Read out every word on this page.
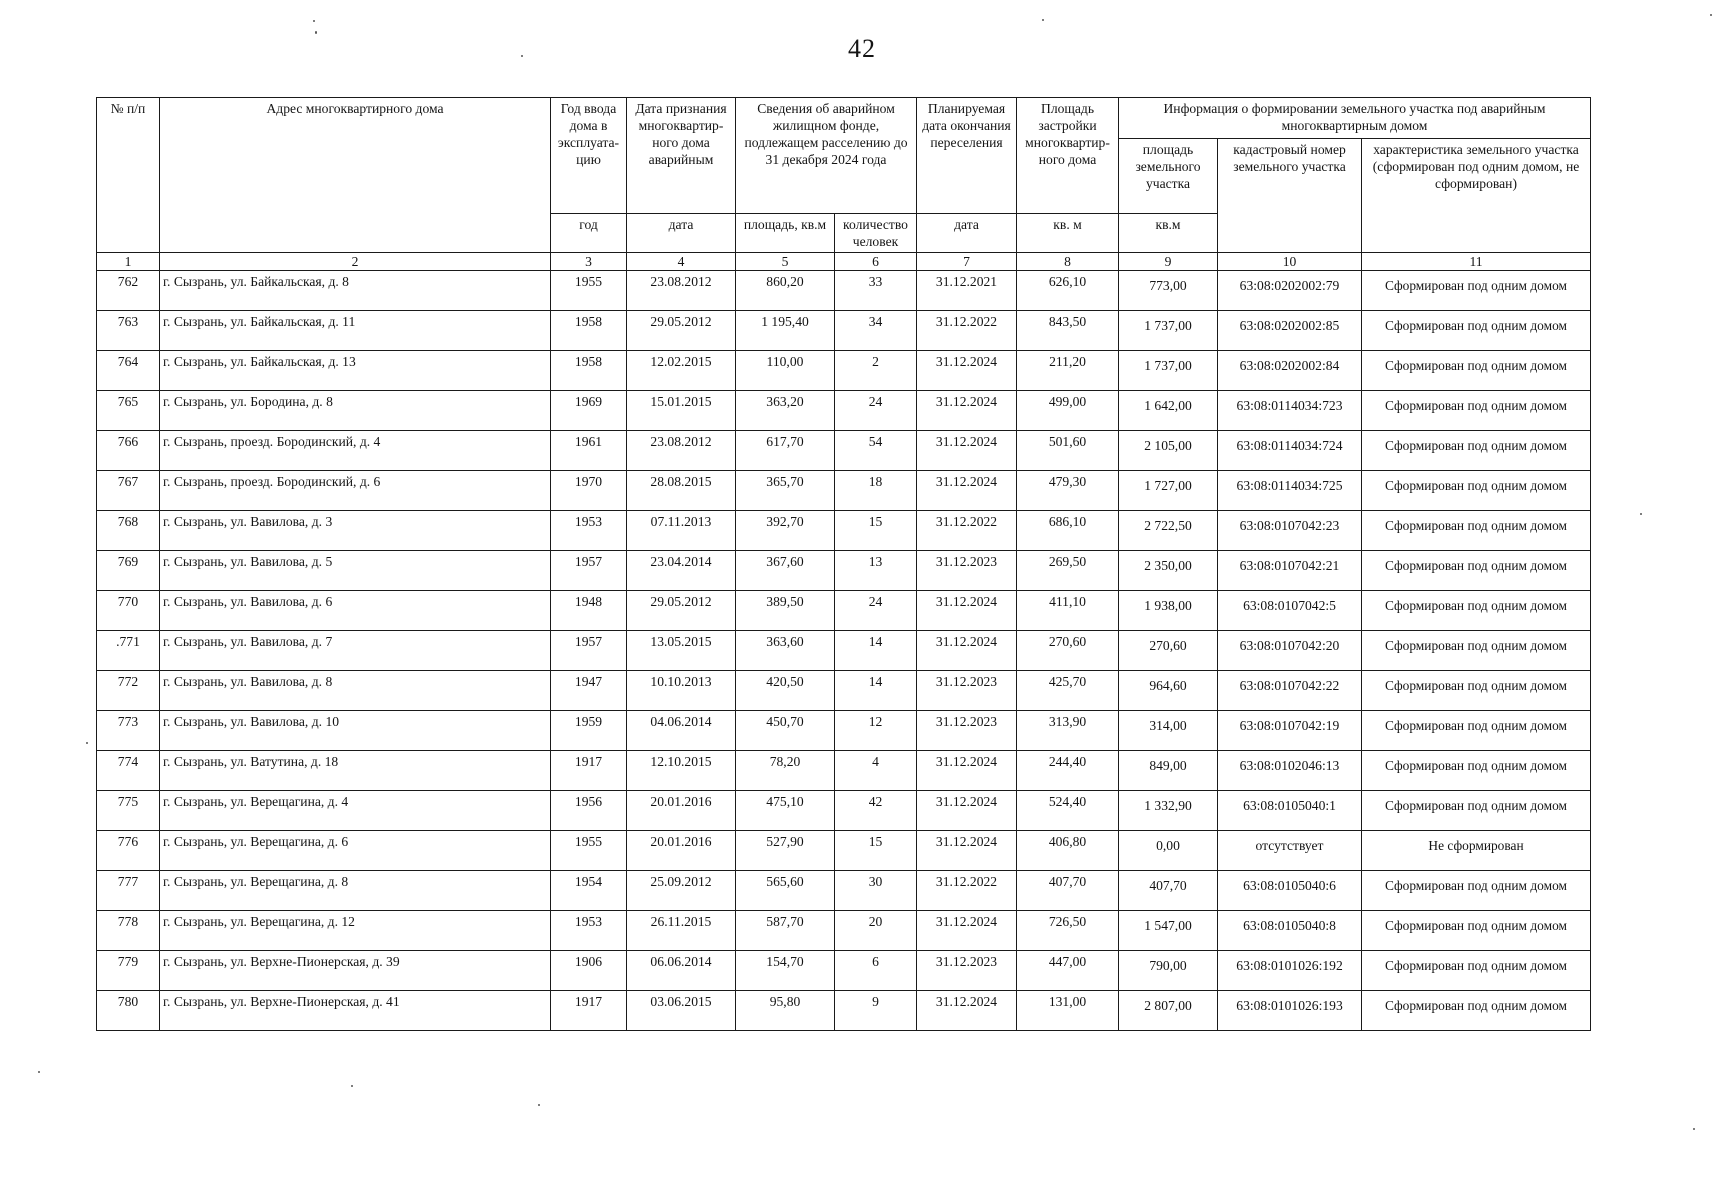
42
№ п/п	Адрес многоквартирного дома	Год ввода дома в эксплуата-цию	Дата признания многоквартир-ного дома аварийным	Сведения об аварийном жилищном фонде, подлежащем расселению до 31 декабря 2024 года		Планируемая дата окончания переселения	Площадь застройки многоквартир-ного дома	Информация о формировании земельного участка под аварийным многоквартирным домом		
								площадь земельного участка	кадастровый номер земельного участка	характеристика земельного участка (сформирован под одним домом, не сформирован)
		год	дата	площадь, кв.м	количество человек	дата	кв. м	кв.м		
1	2	3	4	5	6	7	8	9	10	11
762	г. Сызрань, ул. Байкальская, д. 8	1955	23.08.2012	860,20	33	31.12.2021	626,10	773,00	63:08:0202002:79	Сформирован под одним домом
763	г. Сызрань, ул. Байкальская, д. 11	1958	29.05.2012	1 195,40	34	31.12.2022	843,50	1 737,00	63:08:0202002:85	Сформирован под одним домом
764	г. Сызрань, ул. Байкальская, д. 13	1958	12.02.2015	110,00	2	31.12.2024	211,20	1 737,00	63:08:0202002:84	Сформирован под одним домом
765	г. Сызрань, ул. Бородина, д. 8	1969	15.01.2015	363,20	24	31.12.2024	499,00	1 642,00	63:08:0114034:723	Сформирован под одним домом
766	г. Сызрань, проезд. Бородинский, д. 4	1961	23.08.2012	617,70	54	31.12.2024	501,60	2 105,00	63:08:0114034:724	Сформирован под одним домом
767	г. Сызрань, проезд. Бородинский, д. 6	1970	28.08.2015	365,70	18	31.12.2024	479,30	1 727,00	63:08:0114034:725	Сформирован под одним домом
768	г. Сызрань, ул. Вавилова, д. 3	1953	07.11.2013	392,70	15	31.12.2022	686,10	2 722,50	63:08:0107042:23	Сформирован под одним домом
769	г. Сызрань, ул. Вавилова, д. 5	1957	23.04.2014	367,60	13	31.12.2023	269,50	2 350,00	63:08:0107042:21	Сформирован под одним домом
770	г. Сызрань, ул. Вавилова, д. 6	1948	29.05.2012	389,50	24	31.12.2024	411,10	1 938,00	63:08:0107042:5	Сформирован под одним домом
.771	г. Сызрань, ул. Вавилова, д. 7	1957	13.05.2015	363,60	14	31.12.2024	270,60	270,60	63:08:0107042:20	Сформирован под одним домом
772	г. Сызрань, ул. Вавилова, д. 8	1947	10.10.2013	420,50	14	31.12.2023	425,70	964,60	63:08:0107042:22	Сформирован под одним домом
773	г. Сызрань, ул. Вавилова, д. 10	1959	04.06.2014	450,70	12	31.12.2023	313,90	314,00	63:08:0107042:19	Сформирован под одним домом
774	г. Сызрань, ул. Ватутина, д. 18	1917	12.10.2015	78,20	4	31.12.2024	244,40	849,00	63:08:0102046:13	Сформирован под одним домом
775	г. Сызрань, ул. Верещагина, д. 4	1956	20.01.2016	475,10	42	31.12.2024	524,40	1 332,90	63:08:0105040:1	Сформирован под одним домом
776	г. Сызрань, ул. Верещагина, д. 6	1955	20.01.2016	527,90	15	31.12.2024	406,80	0,00	отсутствует	Не сформирован
777	г. Сызрань, ул. Верещагина, д. 8	1954	25.09.2012	565,60	30	31.12.2022	407,70	407,70	63:08:0105040:6	Сформирован под одним домом
778	г. Сызрань, ул. Верещагина, д. 12	1953	26.11.2015	587,70	20	31.12.2024	726,50	1 547,00	63:08:0105040:8	Сформирован под одним домом
779	г. Сызрань, ул. Верхне-Пионерская, д. 39	1906	06.06.2014	154,70	6	31.12.2023	447,00	790,00	63:08:0101026:192	Сформирован под одним домом
780	г. Сызрань, ул. Верхне-Пионерская, д. 41	1917	03.06.2015	95,80	9	31.12.2024	131,00	2 807,00	63:08:0101026:193	Сформирован под одним домом
